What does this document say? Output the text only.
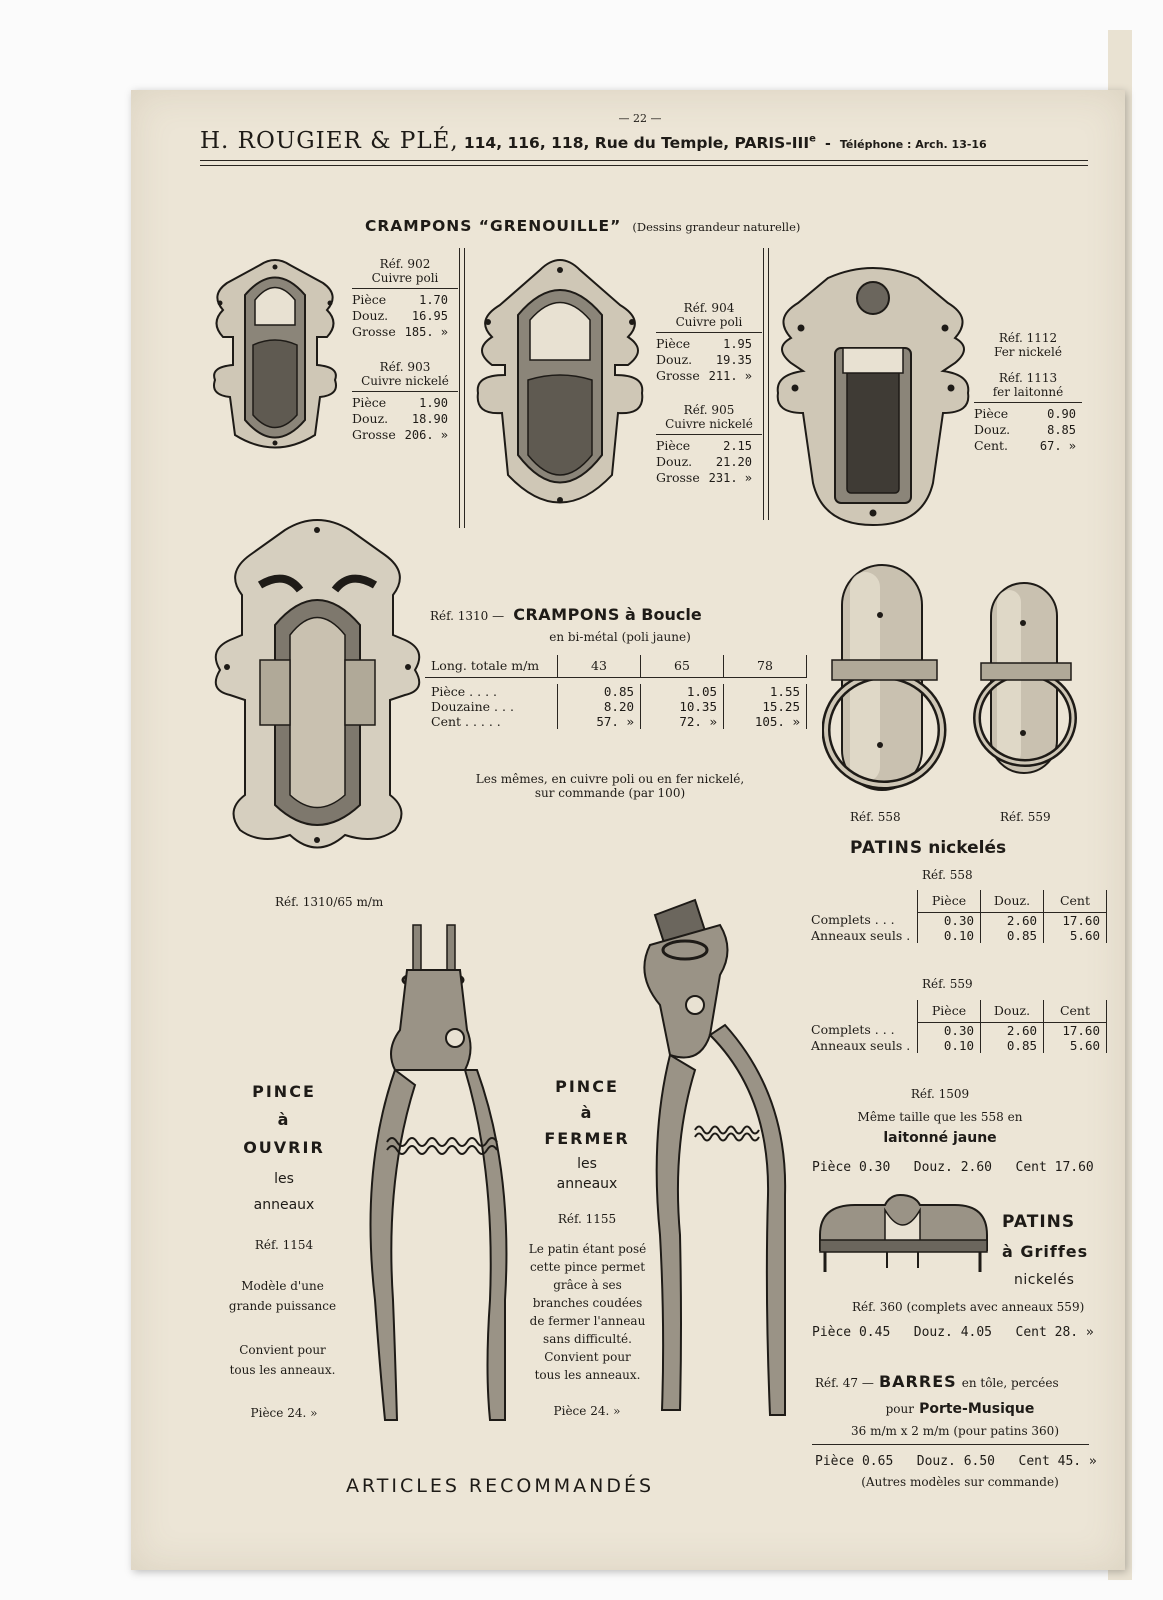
— 22 —
H. ROUGIER & PLÉ, 114, 116, 118, Rue du Temple, PARIS-IIIe - Téléphone : Arch. 13-16
CRAMPONS “GRENOUILLE” (Dessins grandeur naturelle)
Réf. 902
Cuivre poli
Pièce	1.70
Douz.	16.95
Grosse 185. »
Réf. 903
Cuivre nickelé
Pièce	1.90
Douz.	18.90
Grosse 206. »
Réf. 904
Cuivre poli
Pièce	1.95
Douz.	19.35
Grosse 211. »
Réf. 905
Cuivre nickelé
Pièce	2.15
Douz.	21.20
Grosse 231. »
Réf. 1112
Fer nickelé
Réf. 1113
fer laitonné
Pièce	0.90
Douz.	8.85
Cent.	67. »
Réf. 1310 — CRAMPONS à Boucle
en bi-métal (poli jaune)
Long. totale m/m	43	65	78

Pièce . . . .	0.85	1.05	1.55
Douzaine . . .	8.20	10.35	15.25
Cent . . . . .	57. »	72. »	105. »
Les mêmes, en cuivre poli ou en fer nickelé,
sur commande (par 100)
Réf. 1310/65 m/m
Réf. 558	Réf. 559
PATINS nickelés
Réf. 558
	Pièce	Douz.	Cent
Complets . . .	0.30	2.60	17.60
Anneaux seuls .	0.10	0.85	5.60
Réf. 559
	Pièce	Douz.	Cent
Complets . . .	0.30	2.60	17.60
Anneaux seuls .	0.10	0.85	5.60
Réf. 1509
Même taille que les 558 en
laitonné jaune
Pièce 0.30   Douz. 2.60   Cent 17.60
PATINS
à Griffes
nickelés
Réf. 360 (complets avec anneaux 559)
Pièce 0.45   Douz. 4.05   Cent 28. »
Réf. 47 — BARRES en tôle, percées
pour Porte-Musique
36 m/m x 2 m/m (pour patins 360)
Pièce 0.65   Douz. 6.50   Cent 45. »
(Autres modèles sur commande)
PINCE
à
OUVRIR
les
anneaux
Réf. 1154
Modèle d'une
grande puissance
Convient pour
tous les anneaux.
Pièce 24. »
PINCE
à
FERMER
les
anneaux
Réf. 1155
Le patin étant posé
cette pince permet
grâce à ses
branches coudées
de fermer l'anneau
sans difficulté.
Convient pour
tous les anneaux.
Pièce 24. »
ARTICLES RECOMMANDÉS
